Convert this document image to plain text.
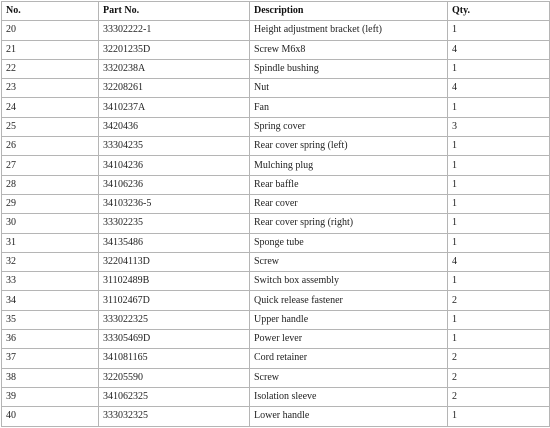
No.	Part No.	Description	Qty.
20	33302222-1	Height adjustment bracket (left)	1
21	32201235D	Screw M6x8	4
22	3320238A	Spindle bushing	1
23	32208261	Nut	4
24	3410237A	Fan	1
25	3420436	Spring cover	3
26	33304235	Rear cover spring (left)	1
27	34104236	Mulching plug	1
28	34106236	Rear baffle	1
29	34103236-5	Rear cover	1
30	33302235	Rear cover spring (right)	1
31	34135486	Sponge tube	1
32	32204113D	Screw	4
33	31102489B	Switch box assembly	1
34	31102467D	Quick release fastener	2
35	333022325	Upper handle	1
36	33305469D	Power lever	1
37	341081165	Cord retainer	2
38	32205590	Screw	2
39	341062325	Isolation sleeve	2
40	333032325	Lower handle	1
